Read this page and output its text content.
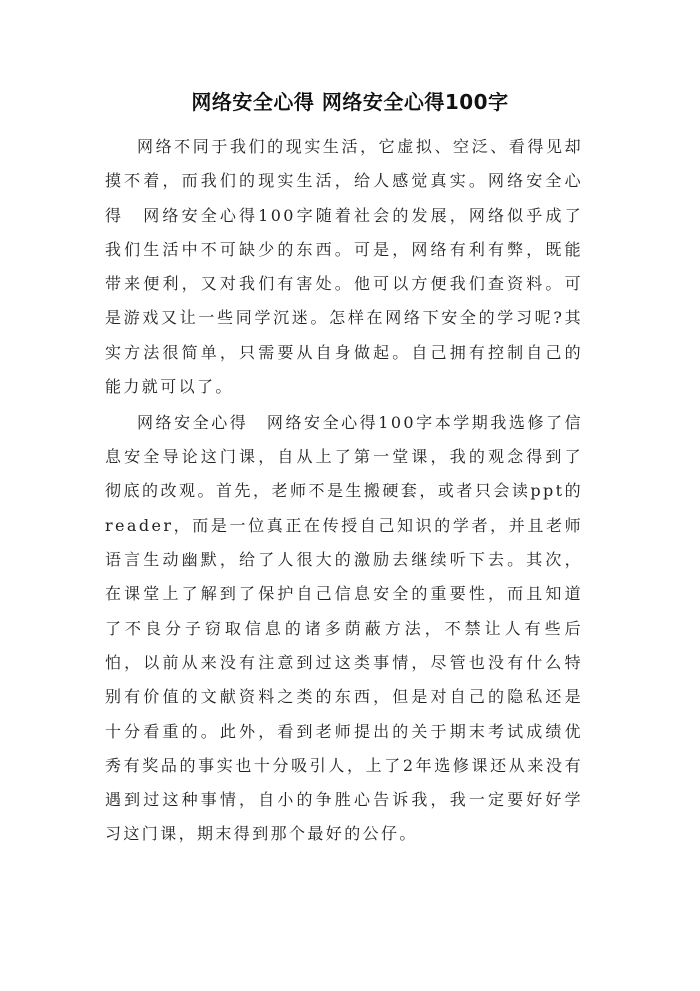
网络安全心得 网络安全心得100字

网络不同于我们的现实生活，它虚拟、空泛、看得见却摸不着，而我们的现实生活，给人感觉真实。网络安全心得　网络安全心得100字随着社会的发展，网络似乎成了我们生活中不可缺少的东西。可是，网络有利有弊，既能带来便利，又对我们有害处。他可以方便我们查资料。可是游戏又让一些同学沉迷。怎样在网络下安全的学习呢?其实方法很简单，只需要从自身做起。自己拥有控制自己的能力就可以了。

网络安全心得　网络安全心得100字本学期我选修了信息安全导论这门课，自从上了第一堂课，我的观念得到了彻底的改观。首先，老师不是生搬硬套，或者只会读ppt的reader，而是一位真正在传授自己知识的学者，并且老师语言生动幽默，给了人很大的激励去继续听下去。其次，在课堂上了解到了保护自己信息安全的重要性，而且知道了不良分子窃取信息的诸多荫蔽方法，不禁让人有些后怕，以前从来没有注意到过这类事情，尽管也没有什么特别有价值的文献资料之类的东西，但是对自己的隐私还是十分看重的。此外，看到老师提出的关于期末考试成绩优秀有奖品的事实也十分吸引人，上了2年选修课还从来没有遇到过这种事情，自小的争胜心告诉我，我一定要好好学习这门课，期末得到那个最好的公仔。
